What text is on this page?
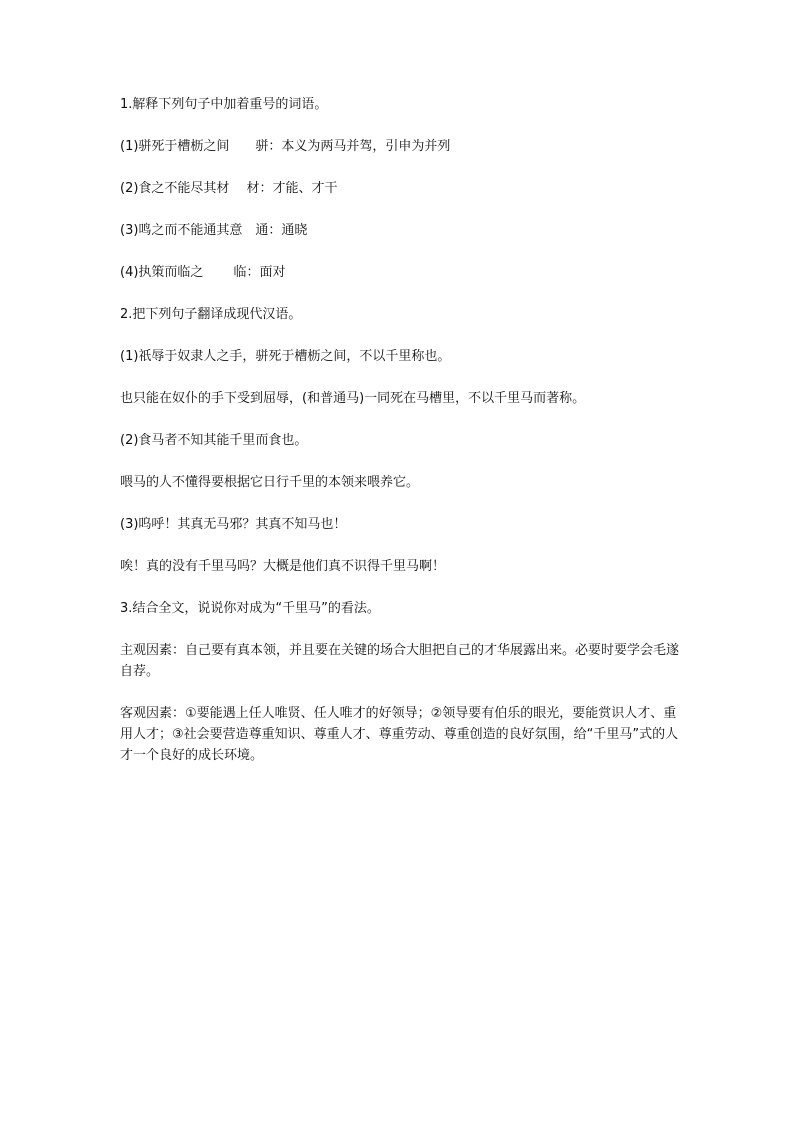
1.解释下列句子中加着重号的词语。

(1)骈死于槽枥之间　　骈：本义为两马并驾，引申为并列

(2)食之不能尽其材　 材：才能、才干

(3)鸣之而不能通其意　通：通晓

(4)执策而临之　　 临：面对

2.把下列句子翻译成现代汉语。

(1)祇辱于奴隶人之手，骈死于槽枥之间，不以千里称也。

也只能在奴仆的手下受到屈辱，(和普通马)一同死在马槽里，不以千里马而著称。

(2)食马者不知其能千里而食也。

喂马的人不懂得要根据它日行千里的本领来喂养它。

(3)呜呼！其真无马邪？其真不知马也！

唉！真的没有千里马吗？大概是他们真不识得千里马啊！

3.结合全文，说说你对成为“千里马”的看法。

主观因素：自己要有真本领，并且要在关键的场合大胆把自己的才华展露出来。必要时要学会毛遂自荐。

客观因素：①要能遇上任人唯贤、任人唯才的好领导；②领导要有伯乐的眼光，要能赏识人才、重用人才；③社会要营造尊重知识、尊重人才、尊重劳动、尊重创造的良好氛围，给“千里马”式的人才一个良好的成长环境。
